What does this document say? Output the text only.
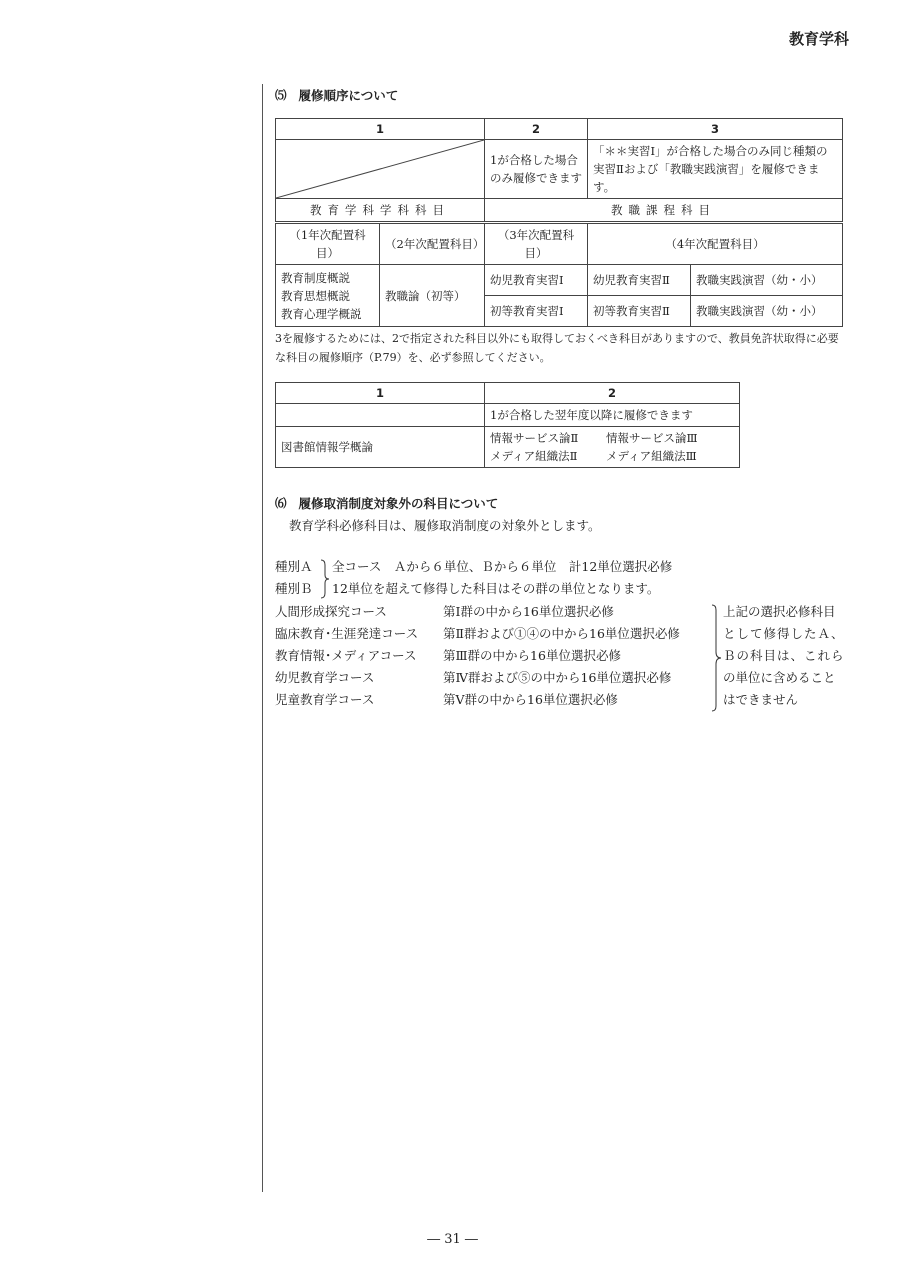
教育学科
⑸ 履修順序について
1		2	3	

	1が合格した場合のみ履修できます	「＊＊実習Ⅰ」が合格した場合のみ同じ種類の実習Ⅱおよび「教職実践演習」を履修できます。	
教育学科学科科目		教職課程科目		
（1年次配置科目）	（2年次配置科目）	（3年次配置科目）	（4年次配置科目）	

教育制度概説
教育思想概説
教育心理学概説	教職論（初等）	幼児教育実習Ⅰ	幼児教育実習Ⅱ	教職実践演習（幼・小）
		初等教育実習Ⅰ	初等教育実習Ⅱ	教職実践演習（幼・小）
3を履修するためには、2で指定された科目以外にも取得しておくべき科目がありますので、教員免許状取得に必要な科目の履修順序（P.79）を、必ず参照してください。
1	2
	1が合格した翌年度以降に履修できます
図書館情報学概論	情報サービス論Ⅱ 情報サービス論Ⅲ
メディア組織法Ⅱ メディア組織法Ⅲ
⑹ 履修取消制度対象外の科目について
教育学科必修科目は、履修取消制度の対象外とします。
種別Ａ
種別Ｂ
全コース　Ａから６単位、Ｂから６単位　計12単位選択必修
12単位を超えて修得した科目はその群の単位となります。
人間形成探究コース	第Ⅰ群の中から16単位選択必修
臨床教育･生涯発達コース 第Ⅱ群および①④の中から16単位選択必修
教育情報･メディアコース 第Ⅲ群の中から16単位選択必修
幼児教育学コース	第Ⅳ群および⑤の中から16単位選択必修
児童教育学コース	第Ⅴ群の中から16単位選択必修
上記の選択必修科目
として修得したＡ、
Ｂの科目は、これら
の単位に含めること
はできません
― 31 ―
